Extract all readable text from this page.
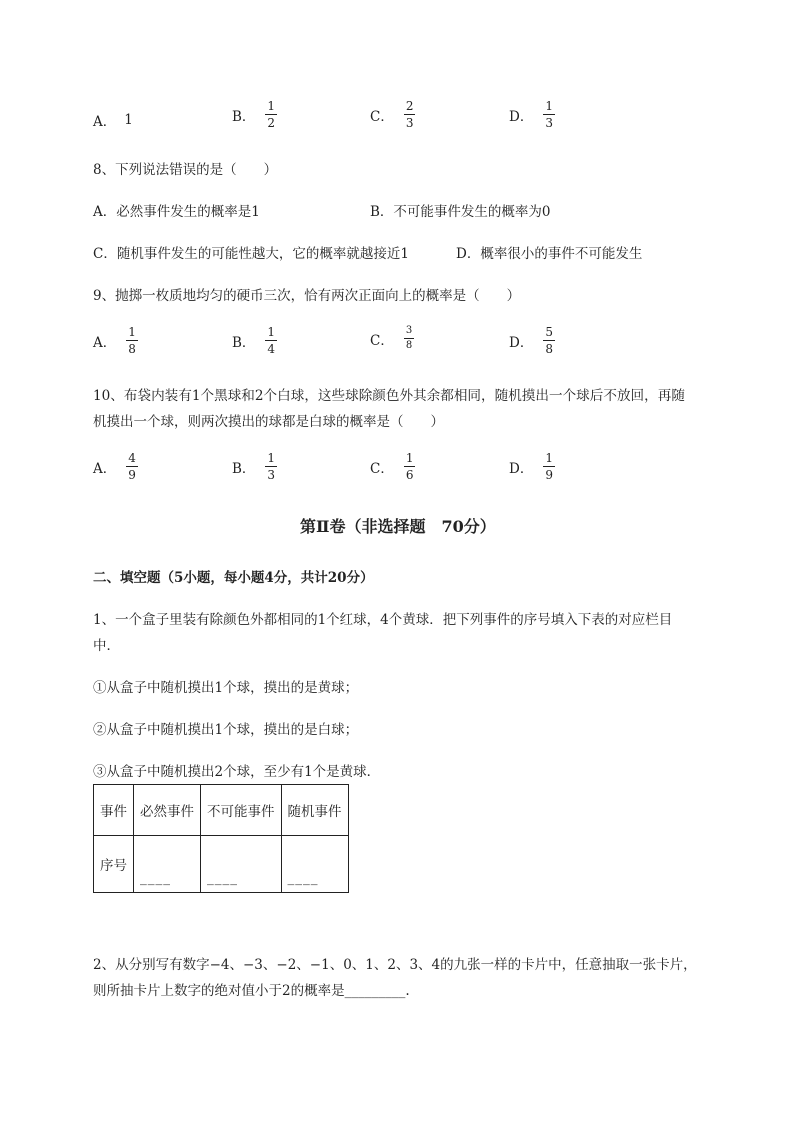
A． 1	B． $\frac{1}{2}$	C． $\frac{2}{3}$	D． $\frac{1}{3}$
8、下列说法错误的是（　　）
A．必然事件发生的概率是1	B．不可能事件发生的概率为0
C．随机事件发生的可能性越大，它的概率就越接近1	D．概率很小的事件不可能发生
9、抛掷一枚质地均匀的硬币三次，恰有两次正面向上的概率是（　　）
A． $\frac{1}{8}$	B． $\frac{1}{4}$	C． $\frac{3}{8}$	D． $\frac{5}{8}$
10、布袋内装有1个黑球和2个白球，这些球除颜色外其余都相同，随机摸出一个球后不放回，再随
机摸出一个球，则两次摸出的球都是白球的概率是（　　）
A． $\frac{4}{9}$	B． $\frac{1}{3}$	C． $\frac{1}{6}$	D． $\frac{1}{9}$
第Ⅱ卷（非选择题　70分）
二、填空题（5小题，每小题4分，共计20分）
1、一个盒子里装有除颜色外都相同的1个红球，4个黄球．把下列事件的序号填入下表的对应栏目
中．
①从盒子中随机摸出1个球，摸出的是黄球；
②从盒子中随机摸出1个球，摸出的是白球；
③从盒子中随机摸出2个球，至少有1个是黄球．
事件	必然事件	不可能事件	随机事件
序号	____	____	____
2、从分别写有数字−4、−3、−2、−1、0、1、2、3、4的九张一样的卡片中，任意抽取一张卡片，
则所抽卡片上数字的绝对值小于2的概率是_________.
